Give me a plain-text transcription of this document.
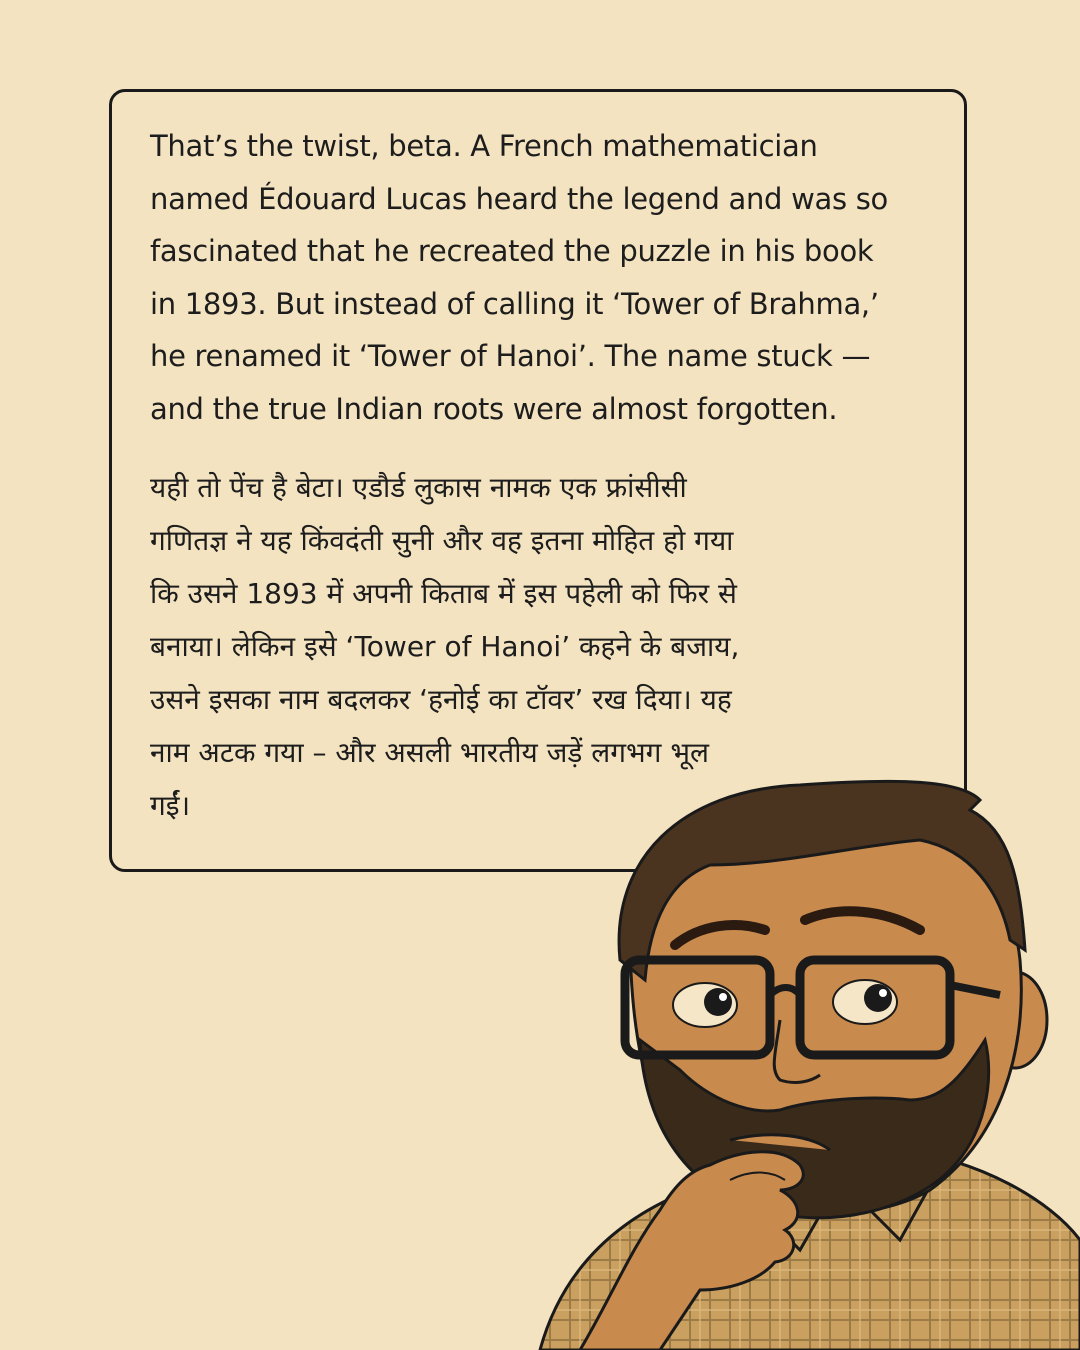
That’s the twist, beta. A French mathematician
named Édouard Lucas heard the legend and was so
fascinated that he recreated the puzzle in his book
in 1893. But instead of calling it ‘Tower of Brahma,’
he renamed it ‘Tower of Hanoi’. The name stuck —
and the true Indian roots were almost forgotten.
यही तो पेंच है बेटा। एडौर्ड लुकास नामक एक फ्रांसीसी
गणितज्ञ ने यह किंवदंती सुनी और वह इतना मोहित हो गया
कि उसने 1893 में अपनी किताब में इस पहेली को फिर से
बनाया। लेकिन इसे ‘Tower of Hanoi’ कहने के बजाय,
उसने इसका नाम बदलकर ‘हनोई का टॉवर’ रख दिया। यह
नाम अटक गया – और असली भारतीय जड़ें लगभग भूल
गईं।
